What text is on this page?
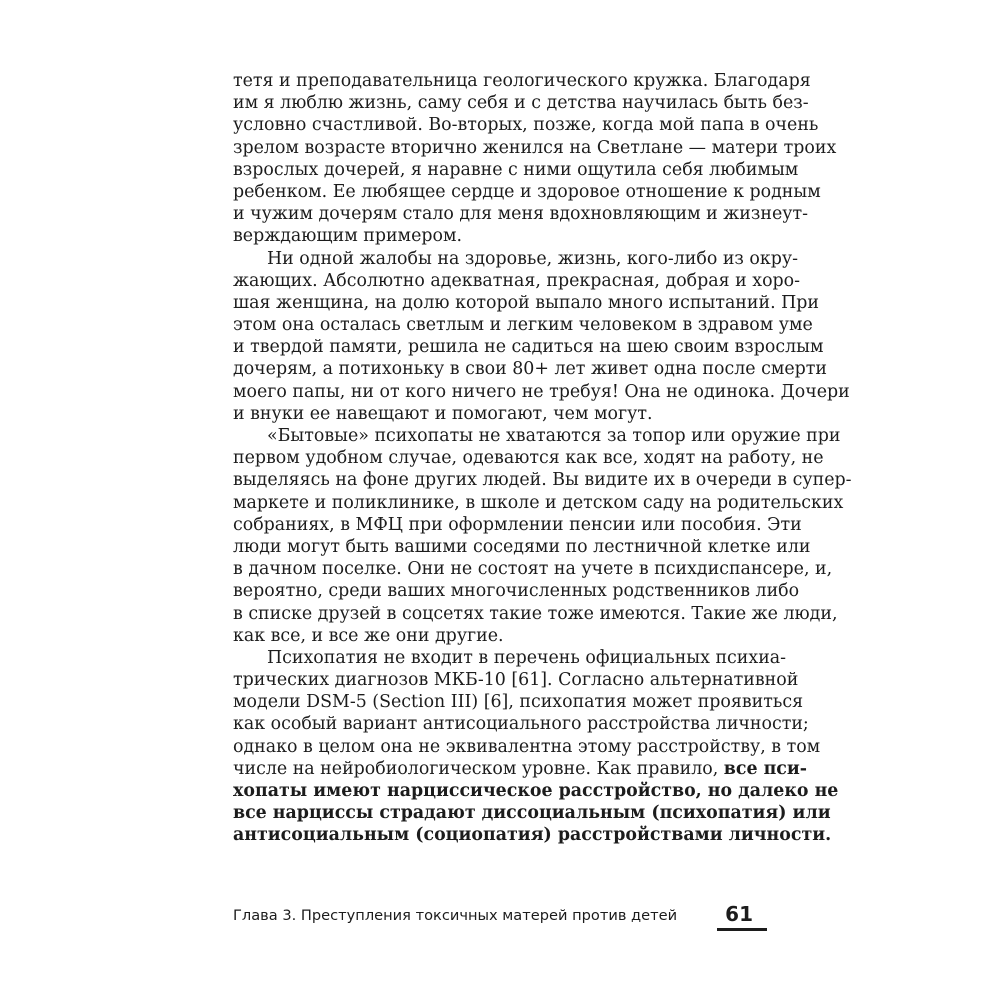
тетя и преподавательница геологического кружка. Благодаря
им я люблю жизнь, саму себя и с детства научилась быть без-
условно счастливой. Во-вторых, позже, когда мой папа в очень
зрелом возрасте вторично женился на Светлане — матери троих
взрослых дочерей, я наравне с ними ощутила себя любимым
ребенком. Ее любящее сердце и здоровое отношение к родным
и чужим дочерям стало для меня вдохновляющим и жизнеут-
верждающим примером.
Ни одной жалобы на здоровье, жизнь, кого-либо из окру-
жающих. Абсолютно адекватная, прекрасная, добрая и хоро-
шая женщина, на долю которой выпало много испытаний. При
этом она осталась светлым и легким человеком в здравом уме
и твердой памяти, решила не садиться на шею своим взрослым
дочерям, а потихоньку в свои 80+ лет живет одна после смерти
моего папы, ни от кого ничего не требуя! Она не одинока. Дочери
и внуки ее навещают и помогают, чем могут.
«Бытовые» психопаты не хватаются за топор или оружие при
первом удобном случае, одеваются как все, ходят на работу, не
выделяясь на фоне других людей. Вы видите их в очереди в супер-
маркете и поликлинике, в школе и детском саду на родительских
собраниях, в МФЦ при оформлении пенсии или пособия. Эти
люди могут быть вашими соседями по лестничной клетке или
в дачном поселке. Они не состоят на учете в психдиспансере, и,
вероятно, среди ваших многочисленных родственников либо
в списке друзей в соцсетях такие тоже имеются. Такие же люди,
как все, и все же они другие.
Психопатия не входит в перечень официальных психиа-
трических диагнозов МКБ-10 [61]. Согласно альтернативной
модели DSM-5 (Section III) [6], психопатия может проявиться
как особый вариант антисоциального расстройства личности;
однако в целом она не эквивалентна этому расстройству, в том
числе на нейробиологическом уровне. Как правило, все пси-
хопаты имеют нарциссическое расстройство, но далеко не
все нарциссы страдают диссоциальным (психопатия) или
антисоциальным (социопатия) расстройствами личности.
Глава 3. Преступления токсичных матерей против детей 61
